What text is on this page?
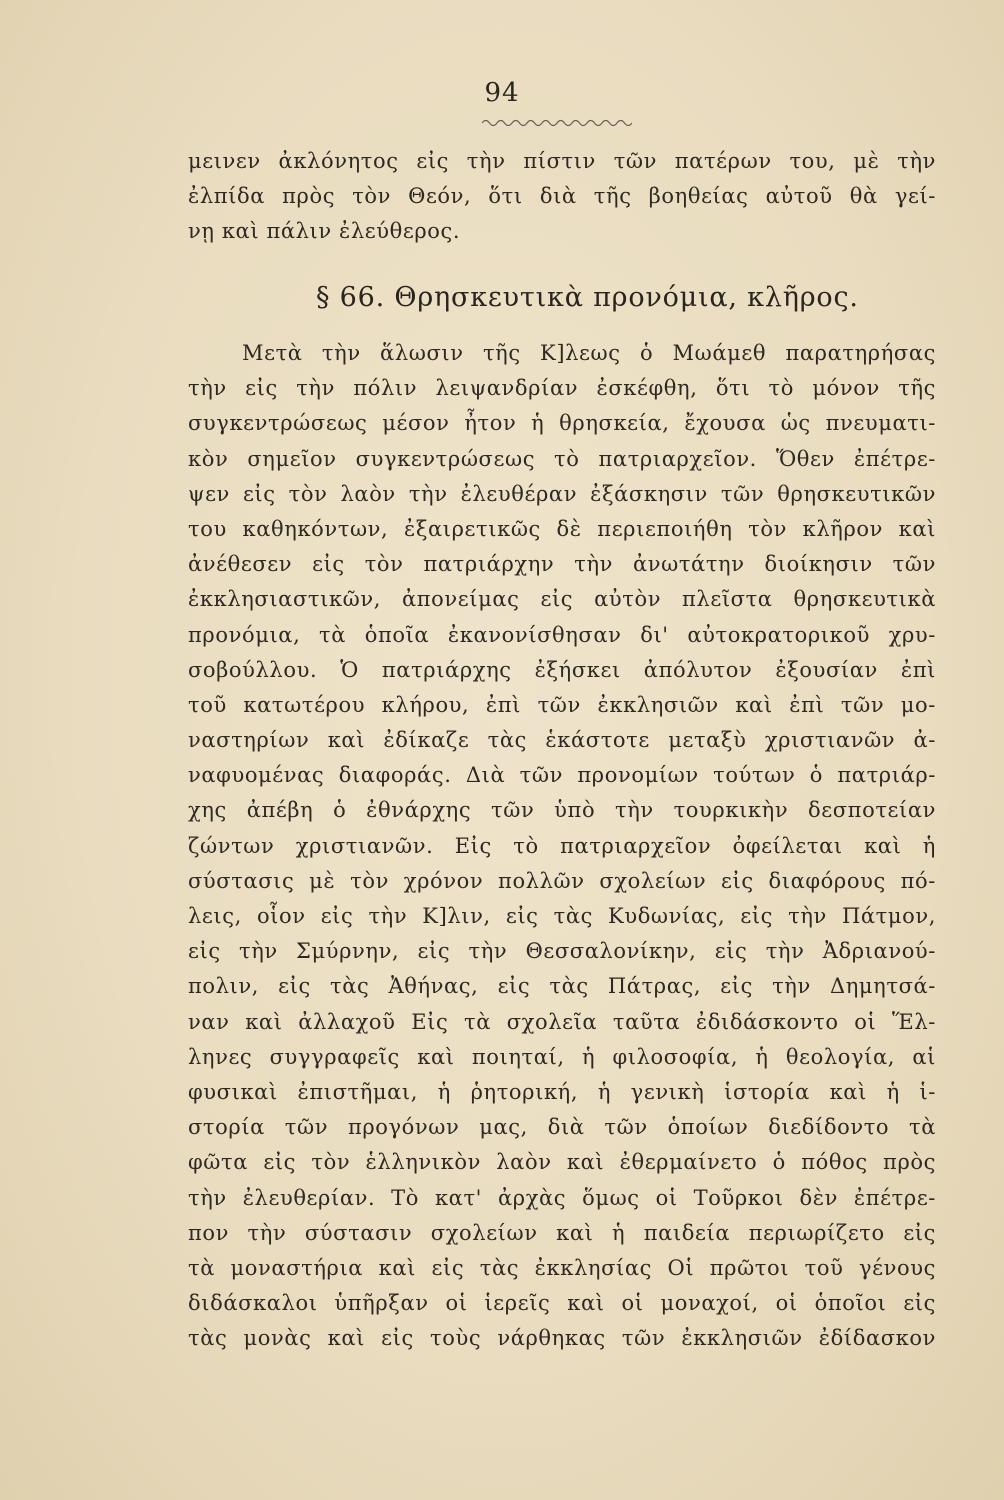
94
μεινεν ἀκλόνητος εἰς τὴν πίστιν τῶν πατέρων του, μὲ τὴν
ἐλπίδα πρὸς τὸν Θεόν, ὅτι διὰ τῆς βοηθείας αὐτοῦ θὰ γεί-
νῃ καὶ πάλιν ἐλεύθερος.
§ 66. Θρησκευτικὰ προνόμια, κλῆρος.
Μετὰ τὴν ἅλωσιν τῆς Κ]λεως ὁ Μωάμεθ παρατηρήσας
τὴν εἰς τὴν πόλιν λειψανδρίαν ἐσκέφθη, ὅτι τὸ μόνον τῆς
συγκεντρώσεως μέσον ἦτον ἡ θρησκεία, ἔχουσα ὡς πνευματι-
κὸν σημεῖον συγκεντρώσεως τὸ πατριαρχεῖον. Ὅθεν ἐπέτρε-
ψεν εἰς τὸν λαὸν τὴν ἐλευθέραν ἐξάσκησιν τῶν θρησκευτικῶν
του καθηκόντων, ἐξαιρετικῶς δὲ περιεποιήθη τὸν κλῆρον καὶ
ἀνέθεσεν εἰς τὸν πατριάρχην τὴν ἀνωτάτην διοίκησιν τῶν
ἐκκλησιαστικῶν, ἀπονείμας εἰς αὐτὸν πλεῖστα θρησκευτικὰ
προνόμια, τὰ ὁποῖα ἐκανονίσθησαν δι' αὐτοκρατορικοῦ χρυ-
σοβούλλου. Ὁ πατριάρχης ἐξήσκει ἀπόλυτον ἐξουσίαν ἐπὶ
τοῦ κατωτέρου κλήρου, ἐπὶ τῶν ἐκκλησιῶν καὶ ἐπὶ τῶν μο-
ναστηρίων καὶ ἐδίκαζε τὰς ἑκάστοτε μεταξὺ χριστιανῶν ἀ-
ναφυομένας διαφοράς. Διὰ τῶν προνομίων τούτων ὁ πατριάρ-
χης ἀπέβη ὁ ἐθνάρχης τῶν ὑπὸ τὴν τουρκικὴν δεσποτείαν
ζώντων χριστιανῶν. Εἰς τὸ πατριαρχεῖον ὀφείλεται καὶ ἡ
σύστασις μὲ τὸν χρόνον πολλῶν σχολείων εἰς διαφόρους πό-
λεις, οἷον εἰς τὴν Κ]λιν, εἰς τὰς Κυδωνίας, εἰς τὴν Πάτμον,
εἰς τὴν Σμύρνην, εἰς τὴν Θεσσαλονίκην, εἰς τὴν Ἀδριανού-
πολιν, εἰς τὰς Ἀθήνας, εἰς τὰς Πάτρας, εἰς τὴν Δημητσά-
ναν καὶ ἀλλαχοῦ Εἰς τὰ σχολεῖα ταῦτα ἐδιδάσκοντο οἱ Ἕλ-
ληνες συγγραφεῖς καὶ ποιηταί, ἡ φιλοσοφία, ἡ θεολογία, αἱ
φυσικαὶ ἐπιστῆμαι, ἡ ῥητορική, ἡ γενικὴ ἱστορία καὶ ἡ ἱ-
στορία τῶν προγόνων μας, διὰ τῶν ὁποίων διεδίδοντο τὰ
φῶτα εἰς τὸν ἑλληνικὸν λαὸν καὶ ἐθερμαίνετο ὁ πόθος πρὸς
τὴν ἐλευθερίαν. Τὸ κατ' ἀρχὰς ὅμως οἱ Τοῦρκοι δὲν ἐπέτρε-
πον τὴν σύστασιν σχολείων καὶ ἡ παιδεία περιωρίζετο εἰς
τὰ μοναστήρια καὶ εἰς τὰς ἐκκλησίας Οἱ πρῶτοι τοῦ γένους
διδάσκαλοι ὑπῆρξαν οἱ ἱερεῖς καὶ οἱ μοναχοί, οἱ ὁποῖοι εἰς
τὰς μονὰς καὶ εἰς τοὺς νάρθηκας τῶν ἐκκλησιῶν ἐδίδασκον
